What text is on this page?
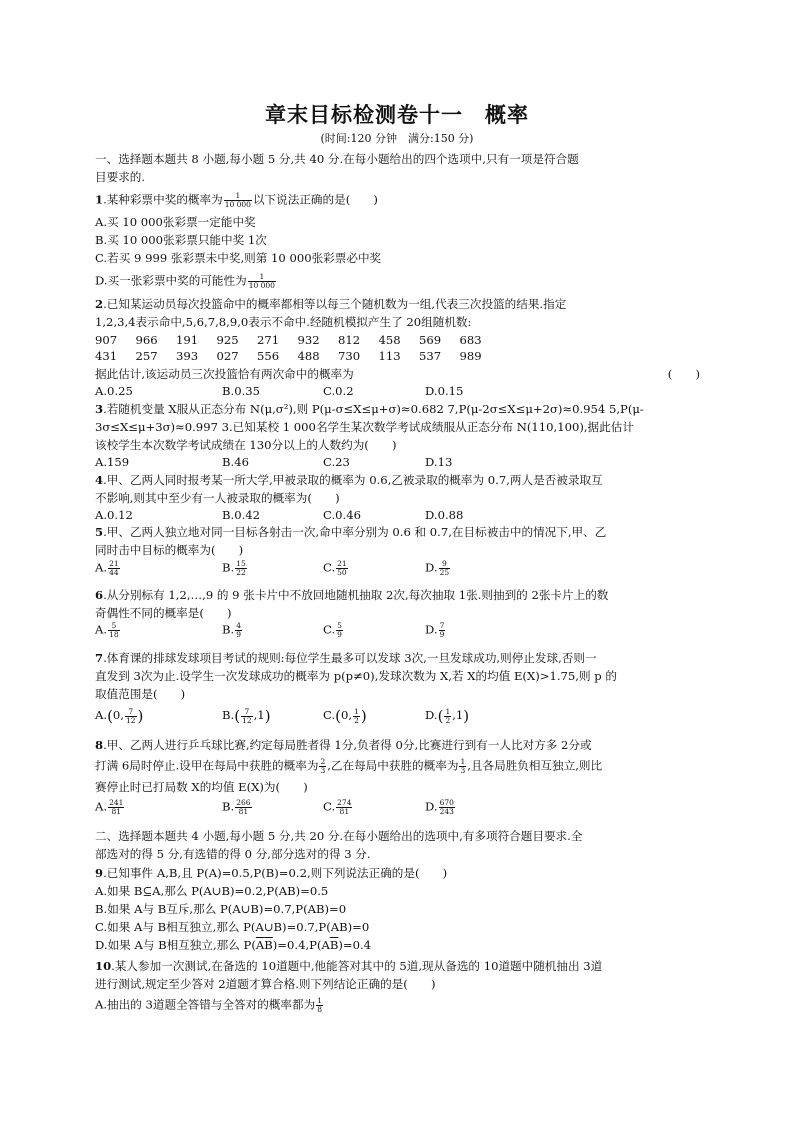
章末目标检测卷十一　概率
(时间:120 分钟　满分:150 分)
一、选择题本题共 8 小题,每小题 5 分,共 40 分.在每小题给出的四个选项中,只有一项是符合题
目要求的.
1.某种彩票中奖的概率为 $\frac{1}{10 000}$ 以下说法正确的是(　　)
A.买 10 000张彩票一定能中奖
B.买 10 000张彩票只能中奖 1次
C.若买 9 999 张彩票未中奖,则第 10 000张彩票必中奖
D.买一张彩票中奖的可能性为 $\frac{1}{10 000}$
2.已知某运动员每次投篮命中的概率都相等以每三个随机数为一组,代表三次投篮的结果.指定
1,2,3,4表示命中,5,6,7,8,9,0表示不命中.经随机模拟产生了 20组随机数:
907 966 191 925 271 932 812 458 569 683
431 257 393 027 556 488 730 113 537 989
据此估计,该运动员三次投篮恰有两次命中的概率为	(　　)
A.0.25	B.0.35	C.0.2	D.0.15
3.若随机变量 X服从正态分布 N(μ,σ²),则 P(μ-σ≤X≤μ+σ)≈0.682 7,P(μ-2σ≤X≤μ+2σ)≈0.954 5,P(μ-
3σ≤X≤μ+3σ)≈0.997 3.已知某校 1 000名学生某次数学考试成绩服从正态分布 N(110,100),据此估计
该校学生本次数学考试成绩在 130分以上的人数约为(　　)
A.159	B.46	C.23	D.13
4.甲、乙两人同时报考某一所大学,甲被录取的概率为 0.6,乙被录取的概率为 0.7,两人是否被录取互
不影响,则其中至少有一人被录取的概率为(　　)
A.0.12	B.0.42	C.0.46	D.0.88
5.甲、乙两人独立地对同一目标各射击一次,命中率分别为 0.6 和 0.7,在目标被击中的情况下,甲、乙
同时击中目标的概率为(　　)
A. $\frac{21}{44}$	B. $\frac{15}{22}$	C. $\frac{21}{50}$	D. $\frac{9}{25}$
6.从分别标有 1,2,…,9 的 9 张卡片中不放回地随机抽取 2次,每次抽取 1张.则抽到的 2张卡片上的数
奇偶性不同的概率是(　　)
A. $\frac{5}{18}$	B. $\frac{4}{9}$	C. $\frac{5}{9}$	D. $\frac{7}{9}$
7.体育课的排球发球项目考试的规则:每位学生最多可以发球 3次,一旦发球成功,则停止发球,否则一
直发到 3次为止.设学生一次发球成功的概率为 p(p≠0),发球次数为 X,若 X的均值 E(X)>1.75,则 p 的
取值范围是(　　)
A.(0, $\frac{7}{12}$ )	$B.( \frac{7}{12} ,1)$	C.(0, $\frac{1}{2}$ )	$D.( \frac{1}{2} ,1)$
8.甲、乙两人进行乒乓球比赛,约定每局胜者得 1分,负者得 0分,比赛进行到有一人比对方多 2分或
打满 6局时停止.设甲在每局中获胜的概率为 $\frac{2}{3}$ ,乙在每局中获胜的概率为 $\frac{1}{3}$ ,且各局胜负相互独立,则比
赛停止时已打局数 X的均值 E(X)为(　　)
A. $\frac{241}{81}$	B. $\frac{266}{81}$	C. $\frac{274}{81}$	D. $\frac{670}{243}$
二、选择题本题共 4 小题,每小题 5 分,共 20 分.在每小题给出的选项中,有多项符合题目要求.全
部选对的得 5 分,有选错的得 0 分,部分选对的得 3 分.
9.已知事件 A,B,且 P(A)=0.5,P(B)=0.2,则下列说法正确的是(　　)
A.如果 B⊆A,那么 P(A∪B)=0.2,P(AB)=0.5
B.如果 A与 B互斥,那么 P(A∪B)=0.7,P(AB)=0
C.如果 A与 B相互独立,那么 P(A∪B)=0.7,P(AB)=0
D.如果 A与 B相互独立,那么 $P(\overline{A}\overline{B})=0.4,P(A\overline{B})=0.4$
10.某人参加一次测试,在备选的 10道题中,他能答对其中的 5道,现从备选的 10道题中随机抽出 3道
进行测试,规定至少答对 2道题才算合格.则下列结论正确的是(　　)
A.抽出的 3道题全答错与全答对的概率都为 $\frac{1}{8}$
